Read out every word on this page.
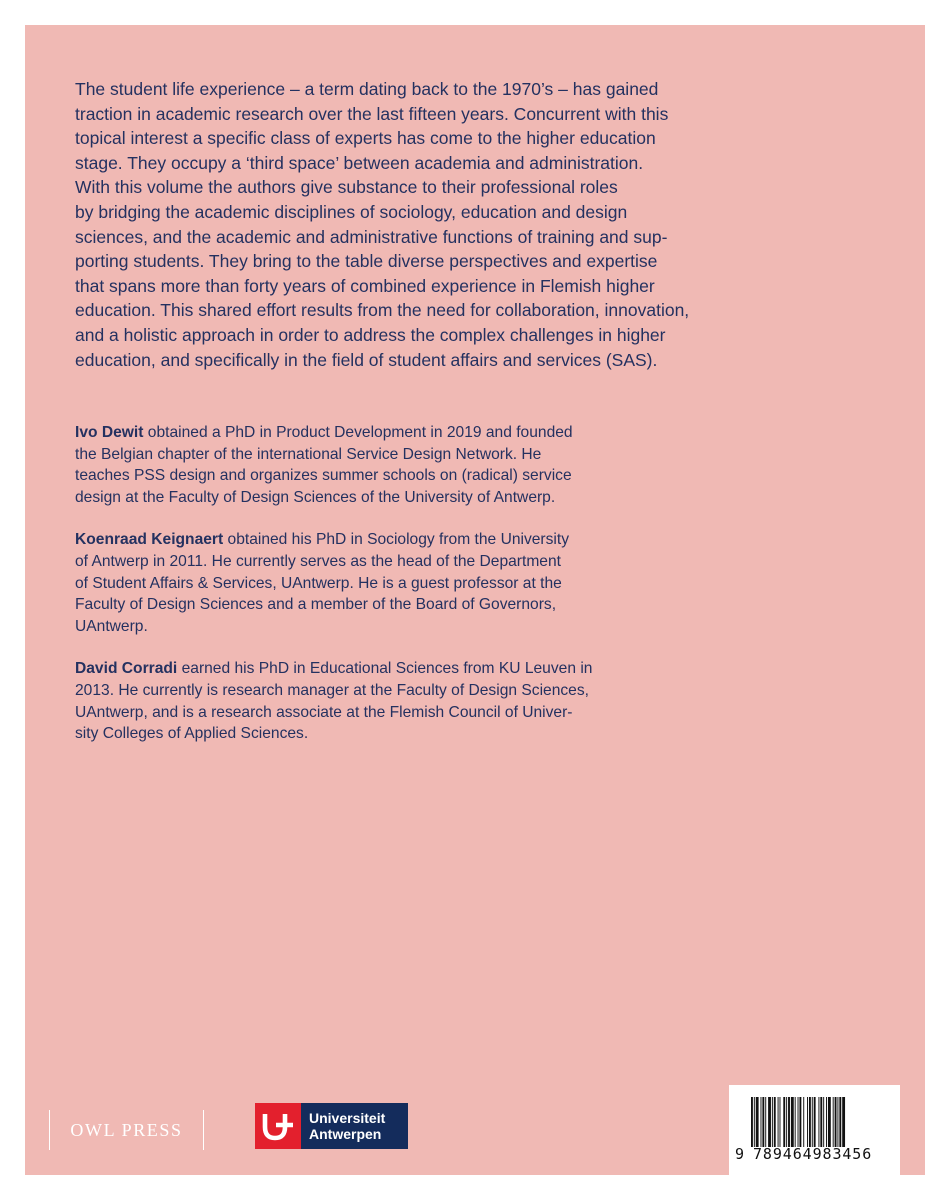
The student life experience – a term dating back to the 1970’s – has gained
traction in academic research over the last fifteen years. Concurrent with this
topical interest a specific class of experts has come to the higher education
stage. They occupy a ‘third space’ between academia and administration.
With this volume the authors give substance to their professional roles
by bridging the academic disciplines of sociology, education and design
sciences, and the academic and administrative functions of training and sup-
porting students. They bring to the table diverse perspectives and expertise
that spans more than forty years of combined experience in Flemish higher
education. This shared effort results from the need for collaboration, innovation,
and a holistic approach in order to address the complex challenges in higher
education, and specifically in the field of student affairs and services (SAS).

Ivo Dewit obtained a PhD in Product Development in 2019 and founded
the Belgian chapter of the international Service Design Network. He
teaches PSS design and organizes summer schools on (radical) service
design at the Faculty of Design Sciences of the University of Antwerp.

Koenraad Keignaert obtained his PhD in Sociology from the University
of Antwerp in 2011. He currently serves as the head of the Department
of Student Affairs & Services, UAntwerp. He is a guest professor at the
Faculty of Design Sciences and a member of the Board of Governors,
UAntwerp.

David Corradi earned his PhD in Educational Sciences from KU Leuven in
2013. He currently is research manager at the Faculty of Design Sciences,
UAntwerp, and is a research associate at the Flemish Council of Univer-
sity Colleges of Applied Sciences.

OWL PRESS
Universiteit
Antwerpen
9 789464983456
